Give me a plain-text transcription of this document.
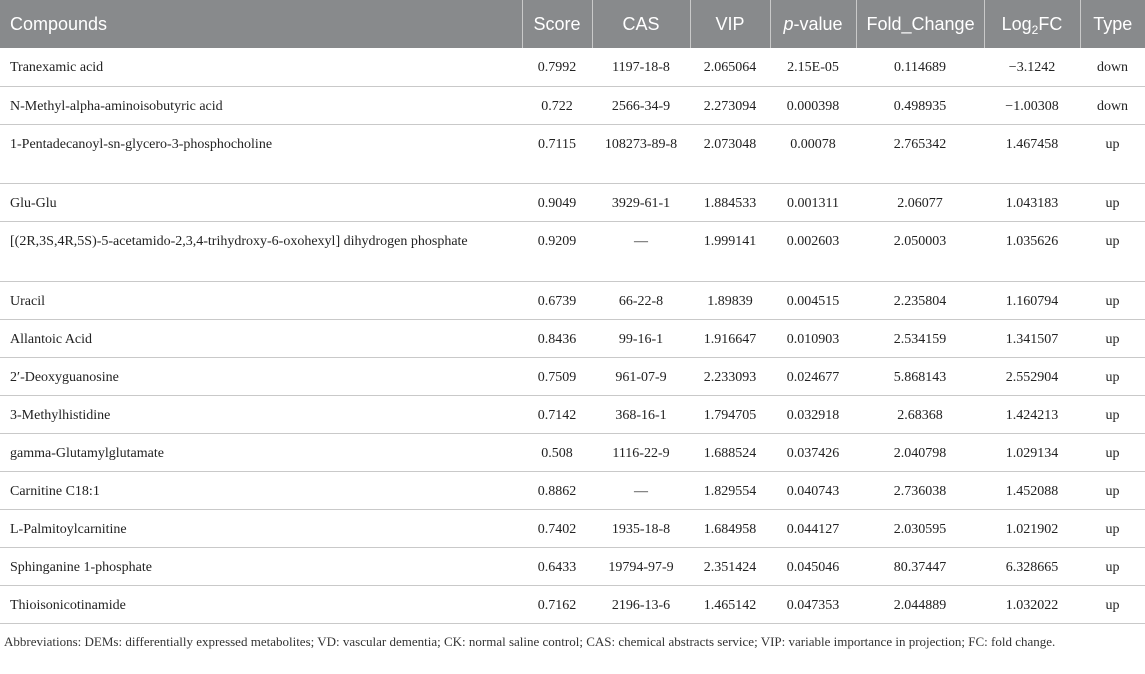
Compounds	Score	CAS	VIP	p-value	Fold_Change	Log$_2$FC	Type
Tranexamic acid	0.7992	1197-18-8	2.065064	2.15E-05	0.114689	−3.1242	down
N-Methyl-alpha-aminoisobutyric acid	0.722	2566-34-9	2.273094	0.000398	0.498935	−1.00308	down
1-Pentadecanoyl-sn-glycero-3-phosphocholine	0.7115	108273-89-8	2.073048	0.00078	2.765342	1.467458	up
Glu-Glu	0.9049	3929-61-1	1.884533	0.001311	2.06077	1.043183	up
[(2R,3S,4R,5S)-5-acetamido-2,3,4-trihydroxy-6-oxohexyl] dihydrogen phosphate	0.9209	—	1.999141	0.002603	2.050003	1.035626	up
Uracil	0.6739	66-22-8	1.89839	0.004515	2.235804	1.160794	up
Allantoic Acid	0.8436	99-16-1	1.916647	0.010903	2.534159	1.341507	up
2′-Deoxyguanosine	0.7509	961-07-9	2.233093	0.024677	5.868143	2.552904	up
3-Methylhistidine	0.7142	368-16-1	1.794705	0.032918	2.68368	1.424213	up
gamma-Glutamylglutamate	0.508	1116-22-9	1.688524	0.037426	2.040798	1.029134	up
Carnitine C18:1	0.8862	—	1.829554	0.040743	2.736038	1.452088	up
L-Palmitoylcarnitine	0.7402	1935-18-8	1.684958	0.044127	2.030595	1.021902	up
Sphinganine 1-phosphate	0.6433	19794-97-9	2.351424	0.045046	80.37447	6.328665	up
Thioisonicotinamide	0.7162	2196-13-6	1.465142	0.047353	2.044889	1.032022	up
Abbreviations: DEMs: differentially expressed metabolites; VD: vascular dementia; CK: normal saline control; CAS: chemical abstracts service; VIP: variable importance in projection; FC: fold change.
